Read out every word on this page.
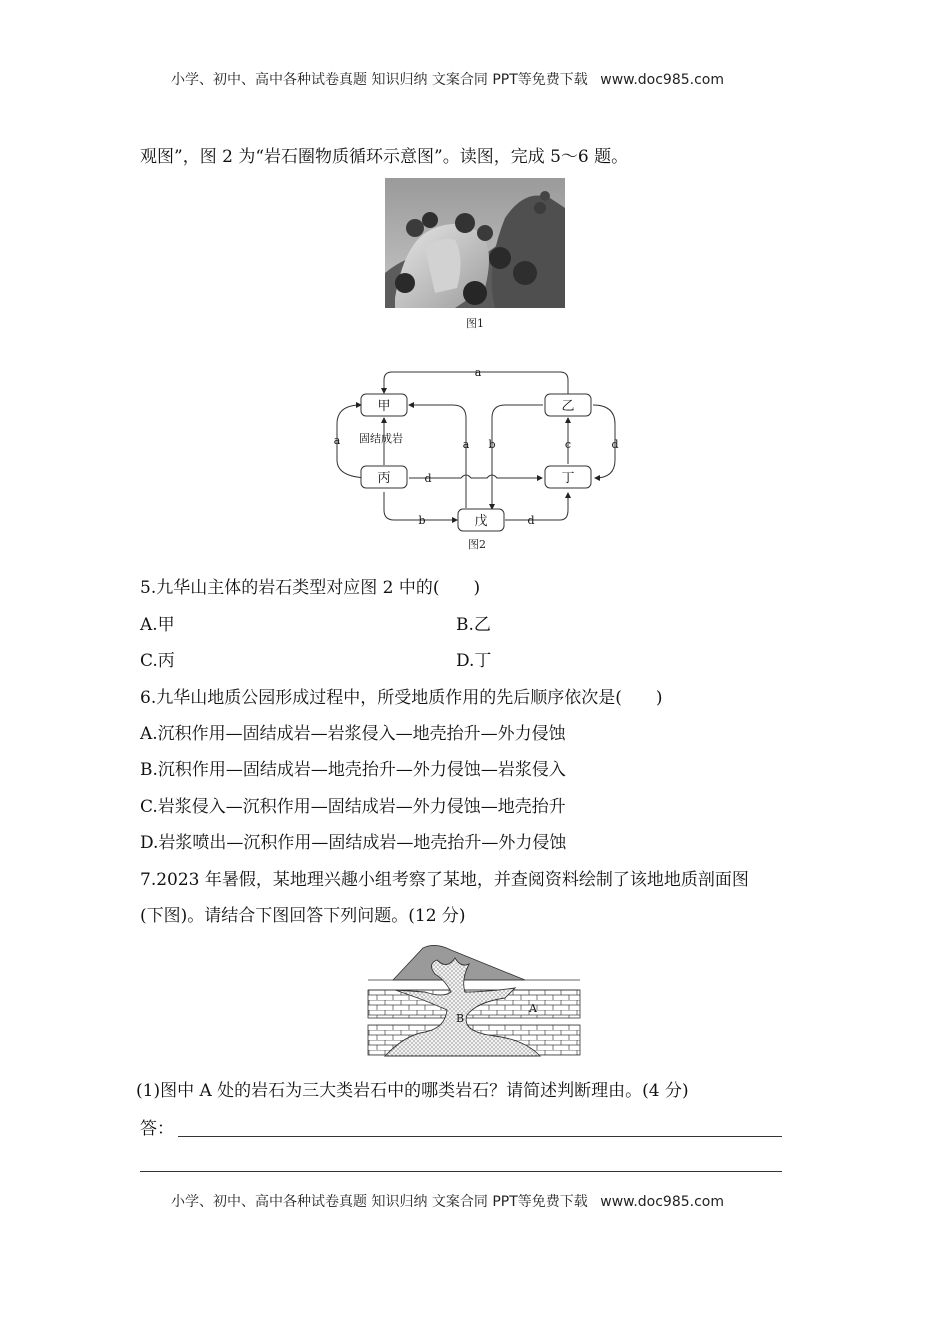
小学、初中、高中各种试卷真题 知识归纳 文案合同 PPT等免费下载 www.doc985.com
观图”，图 2 为“岩石圈物质循环示意图”。读图，完成 5～6 题。
图1
甲	乙
丙	丁
戊
固结成岩
a
a	a b	c	d
d
b	d
图2
5.九华山主体的岩石类型对应图 2 中的(　　)
A.甲	B.乙
C.丙	D.丁
6.九华山地质公园形成过程中，所受地质作用的先后顺序依次是(　　)
A.沉积作用—固结成岩—岩浆侵入—地壳抬升—外力侵蚀
B.沉积作用—固结成岩—地壳抬升—外力侵蚀—岩浆侵入
C.岩浆侵入—沉积作用—固结成岩—外力侵蚀—地壳抬升
D.岩浆喷出—沉积作用—固结成岩—地壳抬升—外力侵蚀
7.2023 年暑假，某地理兴趣小组考察了某地，并查阅资料绘制了该地地质剖面图
(下图)。请结合下图回答下列问题。(12 分)
A
B
(1)图中 A 处的岩石为三大类岩石中的哪类岩石？请简述判断理由。(4 分)
答：
小学、初中、高中各种试卷真题 知识归纳 文案合同 PPT等免费下载 www.doc985.com
